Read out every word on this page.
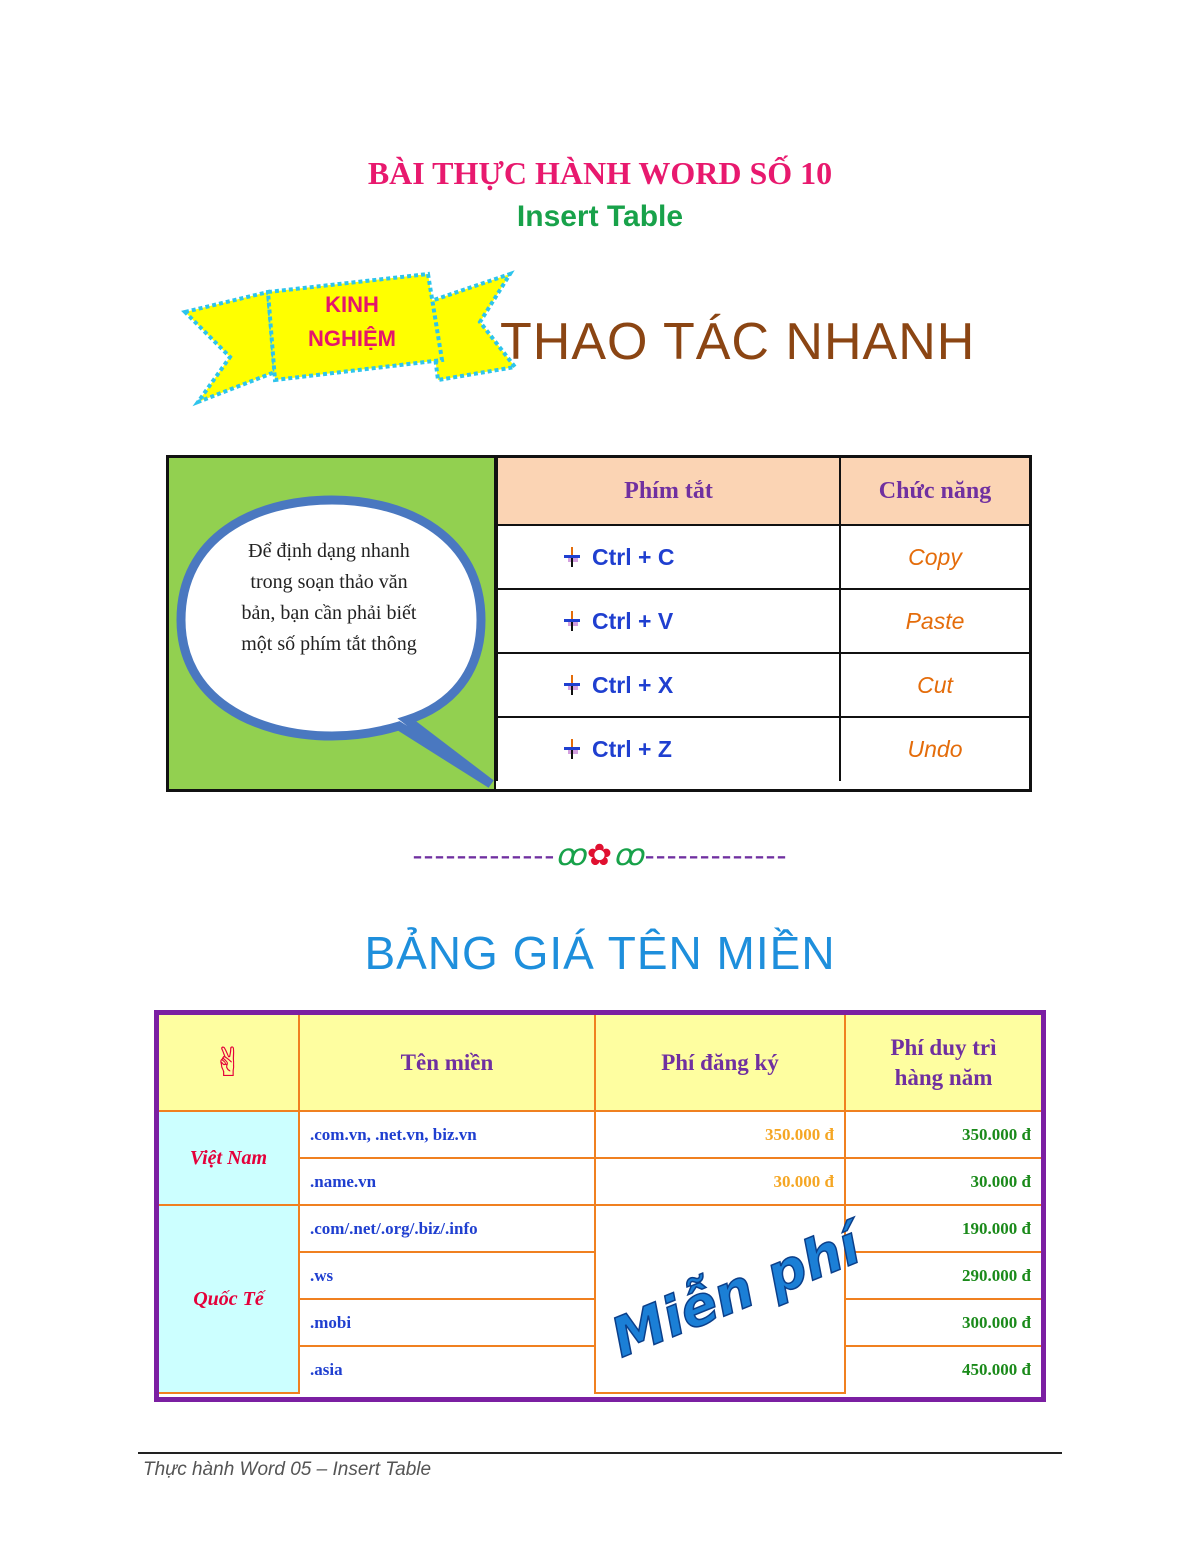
BÀI THỰC HÀNH WORD SỐ 10
Insert Table
KINH
NGHIỆM	THAO TÁC NHANH
Để định dạng nhanh trong soạn thảo văn bản, bạn cần phải biết một số phím tắt thông
Phím tắt	Chức năng
Ctrl + C	Copy
Ctrl + V	Paste
Ctrl + X	Cut
Ctrl + Z	Undo
-------------ꝏ✿ꝏ-------------
BẢNG GIÁ TÊN MIỀN
✌	Tên miền	Phí đăng ký	Phí duy trì hàng năm
Việt Nam	.com.vn, .net.vn, biz.vn	350.000 đ	350.000 đ
	.name.vn	30.000 đ	30.000 đ
Quốc Tế	.com/.net/.org/.biz/.info	Miễn phí	190.000 đ
	.ws		290.000 đ
	.mobi		300.000 đ
	.asia		450.000 đ
Thực hành Word 05 – Insert Table
